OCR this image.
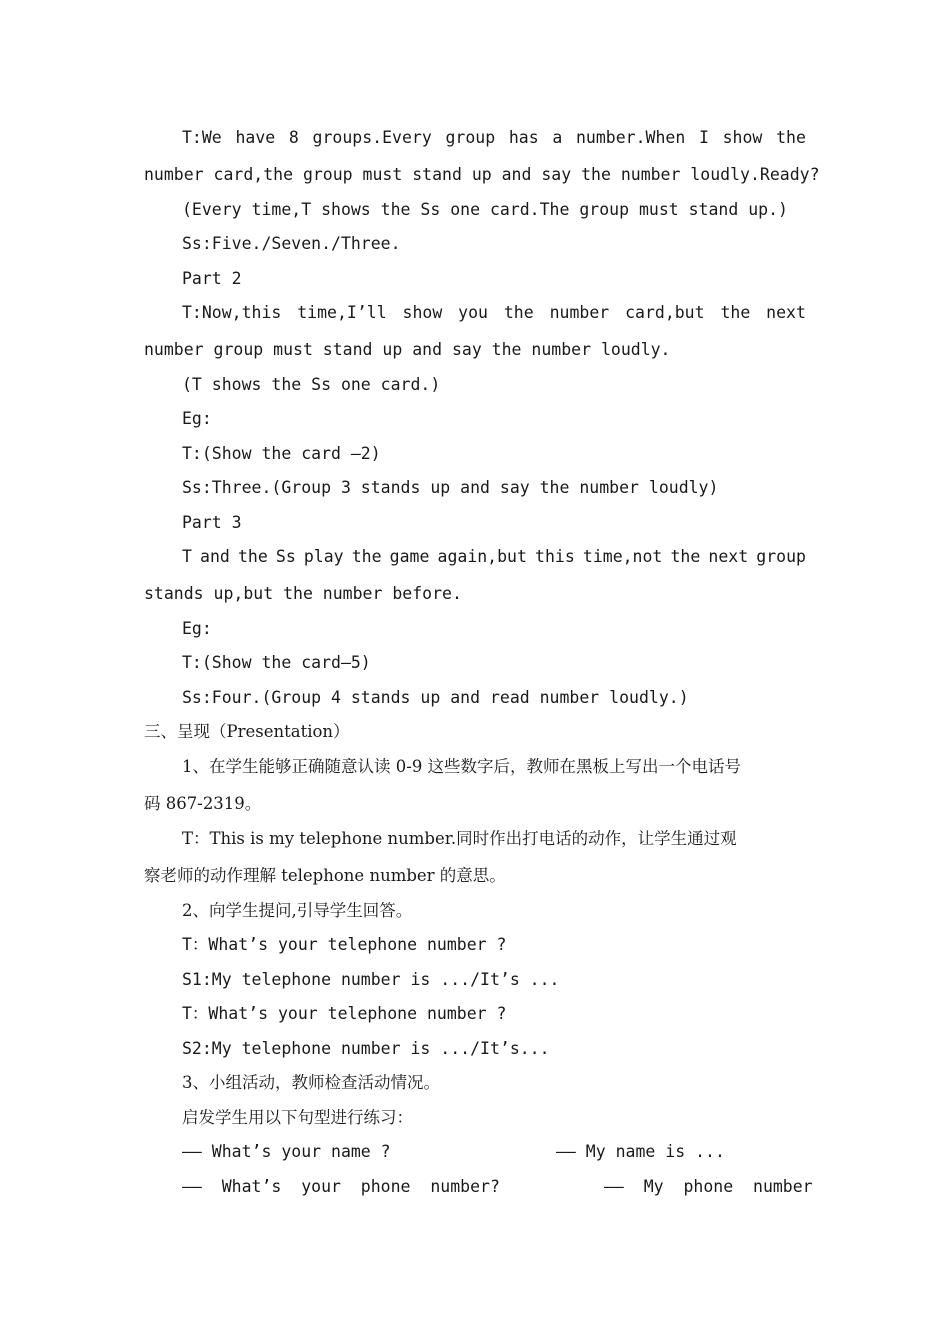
T:We have 8 groups.Every group has a number.When I show the
number card,the group must stand up and say the number loudly.Ready?
(Every time,T shows the Ss one card.The group must stand up.)
Ss:Five./Seven./Three.
Part 2
T:Now,this time,I’ll show you the number card,but the next
number group must stand up and say the number loudly.
(T shows the Ss one card.)
Eg:
T:(Show the card —2)
Ss:Three.(Group 3 stands up and say the number loudly)
Part 3
T and the Ss play the game again,but this time,not the next group
stands up,but the number before.
Eg:
T:(Show the card—5)
Ss:Four.(Group 4 stands up and read number loudly.)
三、呈现（Presentation）
1、在学生能够正确随意认读 0-9 这些数字后，教师在黑板上写出一个电话号
码 867-2319。
T：This is my telephone number.同时作出打电话的动作，让学生通过观
察老师的动作理解 telephone number 的意思。
2、向学生提问,引导学生回答。
T：What’s your telephone number ?
S1:My telephone number is .../It’s ...
T：What’s your telephone number ?
S2:My telephone number is .../It’s...
3、小组活动，教师检查活动情况。
启发学生用以下句型进行练习：
—— What’s your name ?	—— My name is ...
——  What’s  your  phone  number?	——  My  phone  number
